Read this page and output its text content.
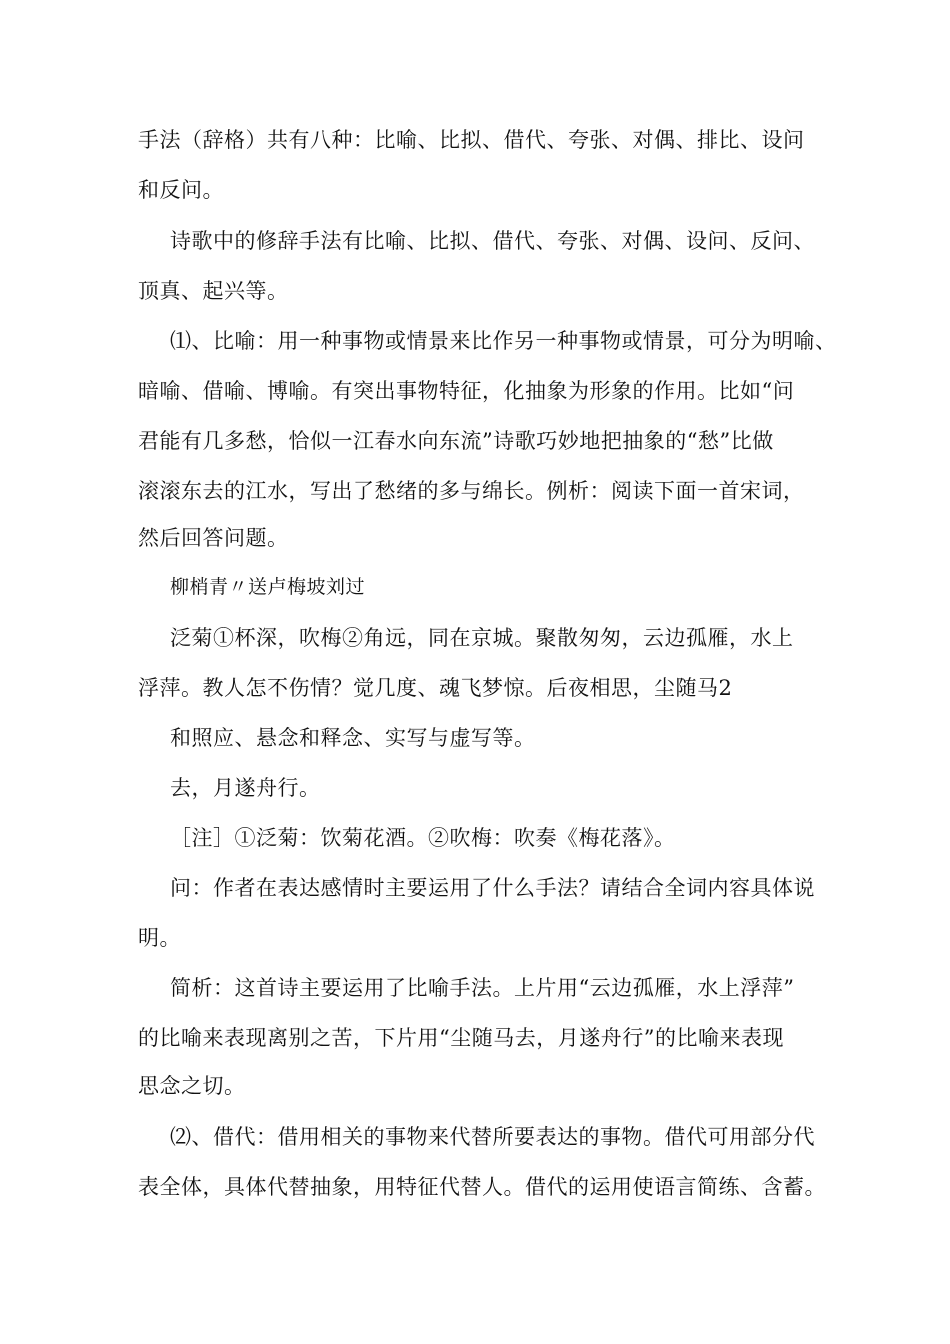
手法（辞格）共有八种：比喻、比拟、借代、夸张、对偶、排比、设问
和反问。
诗歌中的修辞手法有比喻、比拟、借代、夸张、对偶、设问、反问、
顶真、起兴等。
⑴、比喻：用一种事物或情景来比作另一种事物或情景，可分为明喻、
暗喻、借喻、博喻。有突出事物特征，化抽象为形象的作用。比如“问
君能有几多愁，恰似一江春水向东流”诗歌巧妙地把抽象的“愁”比做
滚滚东去的江水，写出了愁绪的多与绵长。例析：阅读下面一首宋词，
然后回答问题。
柳梢青〃送卢梅坡刘过
泛菊①杯深，吹梅②角远，同在京城。聚散匆匆，云边孤雁，水上
浮萍。教人怎不伤情？觉几度、魂飞梦惊。后夜相思，尘随马2
和照应、悬念和释念、实写与虚写等。
去，月遂舟行。
［注］①泛菊：饮菊花酒。②吹梅：吹奏《梅花落》。
问：作者在表达感情时主要运用了什么手法？请结合全词内容具体说
明。
简析：这首诗主要运用了比喻手法。上片用“云边孤雁，水上浮萍”
的比喻来表现离别之苦，下片用“尘随马去，月遂舟行”的比喻来表现
思念之切。
⑵、借代：借用相关的事物来代替所要表达的事物。借代可用部分代
表全体，具体代替抽象，用特征代替人。借代的运用使语言简练、含蓄。
